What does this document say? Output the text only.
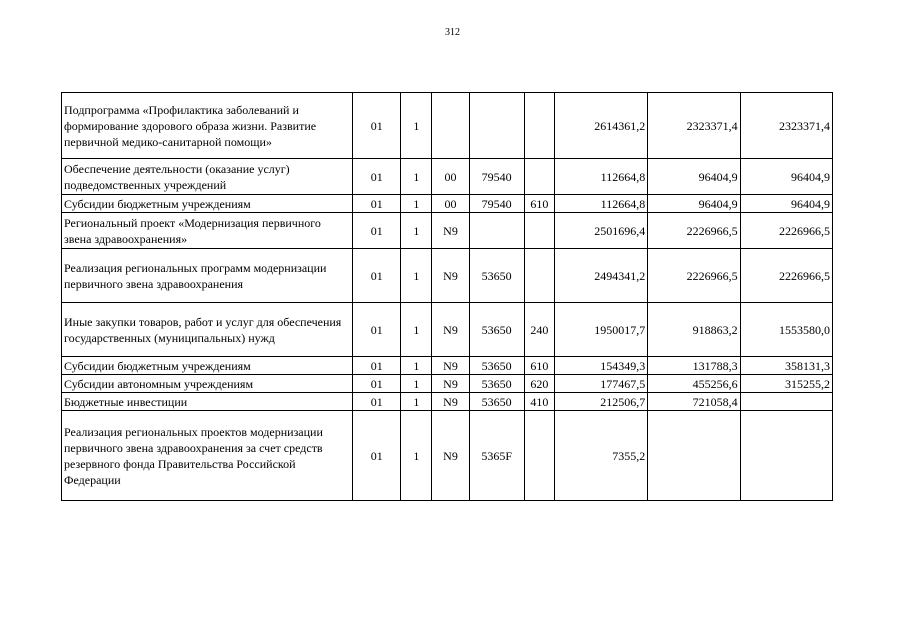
312
Подпрограмма «Профилактика заболеваний и формирование здорового образа жизни. Развитие первичной медико-санитарной помощи»	01	1				2614361,2	2323371,4	2323371,4
Обеспечение деятельности (оказание услуг) подведомственных учреждений	01	1	00	79540		112664,8	96404,9	96404,9
Субсидии бюджетным учреждениям	01	1	00	79540	610	112664,8	96404,9	96404,9
Региональный проект «Модернизация первичного звена здравоохранения»	01	1	N9			2501696,4	2226966,5	2226966,5
Реализация региональных программ модернизации первичного звена здравоохранения	01	1	N9	53650		2494341,2	2226966,5	2226966,5
Иные закупки товаров, работ и услуг для обеспечения государственных (муниципальных) нужд	01	1	N9	53650	240	1950017,7	918863,2	1553580,0
Субсидии бюджетным учреждениям	01	1	N9	53650	610	154349,3	131788,3	358131,3
Субсидии автономным учреждениям	01	1	N9	53650	620	177467,5	455256,6	315255,2
Бюджетные инвестиции	01	1	N9	53650	410	212506,7	721058,4	
Реализация региональных проектов модернизации первичного звена здравоохранения за счет средств резервного фонда Правительства Российской Федерации	01	1	N9	5365F		7355,2		
